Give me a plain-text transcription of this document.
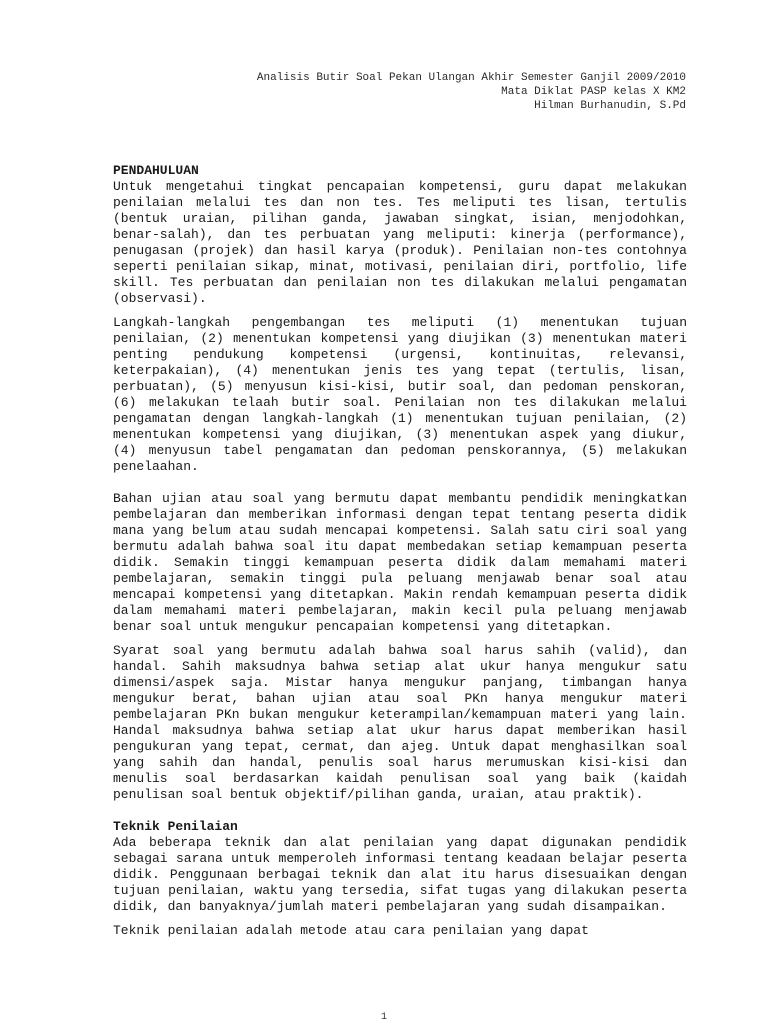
Analisis Butir Soal Pekan Ulangan Akhir Semester Ganjil 2009/2010
Mata Diklat PASP kelas X KM2
Hilman Burhanudin, S.Pd
PENDAHULUAN

Untuk mengetahui tingkat pencapaian kompetensi, guru dapat melakukan penilaian melalui tes dan non tes. Tes meliputi tes lisan, tertulis (bentuk uraian, pilihan ganda, jawaban singkat, isian, menjodohkan, benar-salah), dan tes perbuatan yang meliputi: kinerja (performance), penugasan (projek) dan hasil karya (produk). Penilaian non-tes contohnya seperti penilaian sikap, minat, motivasi, penilaian diri, portfolio, life skill. Tes perbuatan dan penilaian non tes dilakukan melalui pengamatan (observasi).

Langkah-langkah pengembangan tes meliputi (1) menentukan tujuan penilaian, (2) menentukan kompetensi yang diujikan (3) menentukan materi penting pendukung kompetensi (urgensi, kontinuitas, relevansi, keterpakaian), (4) menentukan jenis tes yang tepat (tertulis, lisan, perbuatan), (5) menyusun kisi-kisi, butir soal, dan pedoman penskoran, (6) melakukan telaah butir soal. Penilaian non tes dilakukan melalui pengamatan dengan langkah-langkah (1) menentukan tujuan penilaian, (2) menentukan kompetensi yang diujikan, (3) menentukan aspek yang diukur, (4) menyusun tabel pengamatan dan pedoman penskorannya, (5) melakukan penelaahan.

Bahan ujian atau soal yang bermutu dapat membantu pendidik meningkatkan pembelajaran dan memberikan informasi dengan tepat tentang peserta didik mana yang belum atau sudah mencapai kompetensi. Salah satu ciri soal yang bermutu adalah bahwa soal itu dapat membedakan setiap kemampuan peserta didik. Semakin tinggi kemampuan peserta didik dalam memahami materi pembelajaran, semakin tinggi pula peluang menjawab benar soal atau mencapai kompetensi yang ditetapkan. Makin rendah kemampuan peserta didik dalam memahami materi pembelajaran, makin kecil pula peluang menjawab benar soal untuk mengukur pencapaian kompetensi yang ditetapkan.

Syarat soal yang bermutu adalah bahwa soal harus sahih (valid), dan handal. Sahih maksudnya bahwa setiap alat ukur hanya mengukur satu dimensi/aspek saja. Mistar hanya mengukur panjang, timbangan hanya mengukur berat, bahan ujian atau soal PKn hanya mengukur materi pembelajaran PKn bukan mengukur keterampilan/kemampuan materi yang lain. Handal maksudnya bahwa setiap alat ukur harus dapat memberikan hasil pengukuran yang tepat, cermat, dan ajeg. Untuk dapat menghasilkan soal yang sahih dan handal, penulis soal harus merumuskan kisi-kisi dan menulis soal berdasarkan kaidah penulisan soal yang baik (kaidah penulisan soal bentuk objektif/pilihan ganda, uraian, atau praktik).

Teknik Penilaian

Ada beberapa teknik dan alat penilaian yang dapat digunakan pendidik sebagai sarana untuk memperoleh informasi tentang keadaan belajar peserta didik. Penggunaan berbagai teknik dan alat itu harus disesuaikan dengan tujuan penilaian, waktu yang tersedia, sifat tugas yang dilakukan peserta didik, dan banyaknya/jumlah materi pembelajaran yang sudah disampaikan.

Teknik penilaian adalah metode atau cara penilaian yang dapat

1
